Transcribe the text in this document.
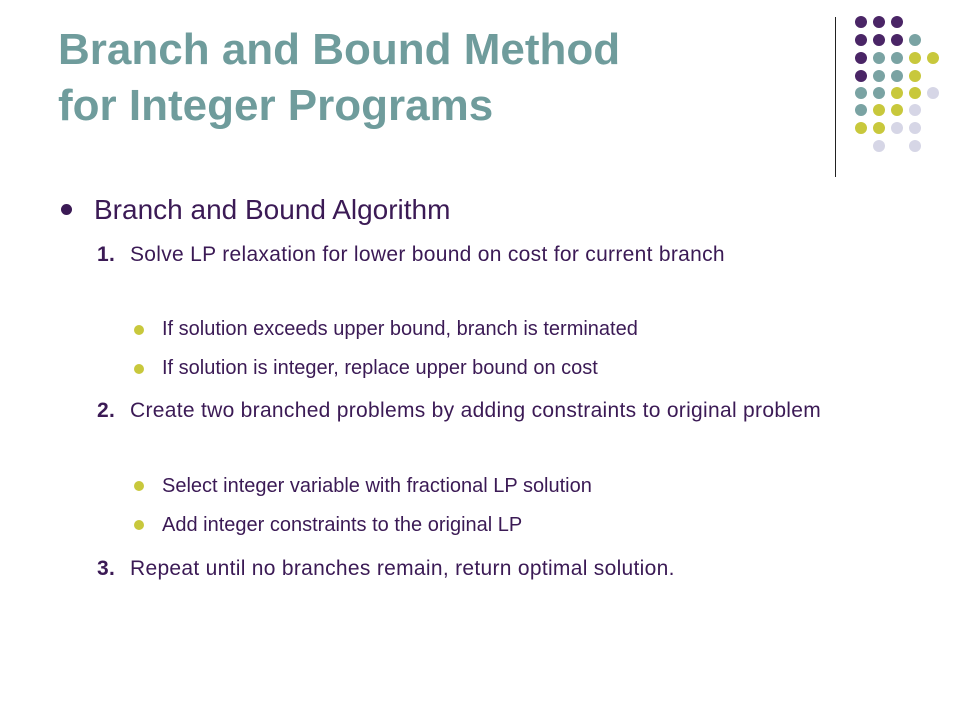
Branch and Bound Method
for Integer Programs
Branch and Bound Algorithm
1. Solve LP relaxation for lower bound on cost for current branch
If solution exceeds upper bound, branch is terminated
If solution is integer, replace upper bound on cost
2. Create two branched problems by adding constraints to original problem
Select integer variable with fractional LP solution
Add integer constraints to the original LP
3. Repeat until no branches remain, return optimal solution.
